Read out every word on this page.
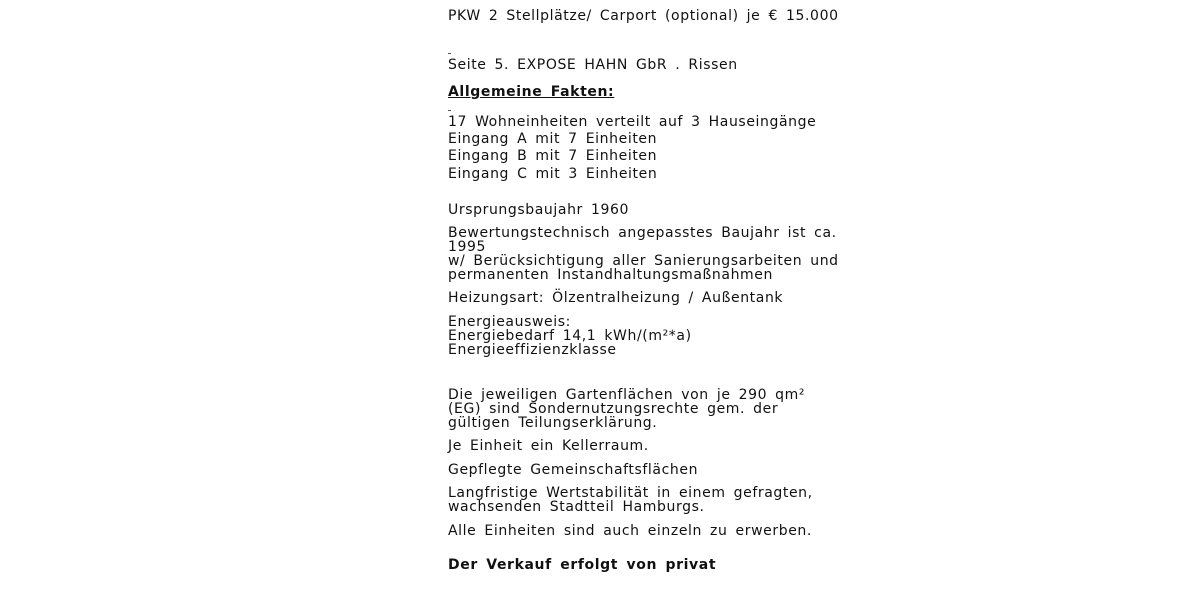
PKW 2 Stellplätze/ Carport (optional) je € 15.000
Seite 5. EXPOSE HAHN GbR . Rissen
Allgemeine Fakten:
17 Wohneinheiten verteilt auf 3 Hauseingänge
Eingang A mit 7 Einheiten
Eingang B mit 7 Einheiten
Eingang C mit 3 Einheiten
Ursprungsbaujahr 1960
Bewertungstechnisch angepasstes Baujahr ist ca.
1995
w/ Berücksichtigung aller Sanierungsarbeiten und
permanenten Instandhaltungsmaßnahmen
Heizungsart: Ölzentralheizung / Außentank
Energieausweis:
Energiebedarf 14,1 kWh/(m²*a)
Energieeffizienzklasse
Die jeweiligen Gartenflächen von je 290 qm²
(EG) sind Sondernutzungsrechte gem. der
gültigen Teilungserklärung.
Je Einheit ein Kellerraum.
Gepflegte Gemeinschaftsflächen
Langfristige Wertstabilität in einem gefragten,
wachsenden Stadtteil Hamburgs.
Alle Einheiten sind auch einzeln zu erwerben.
Der Verkauf erfolgt von privat
